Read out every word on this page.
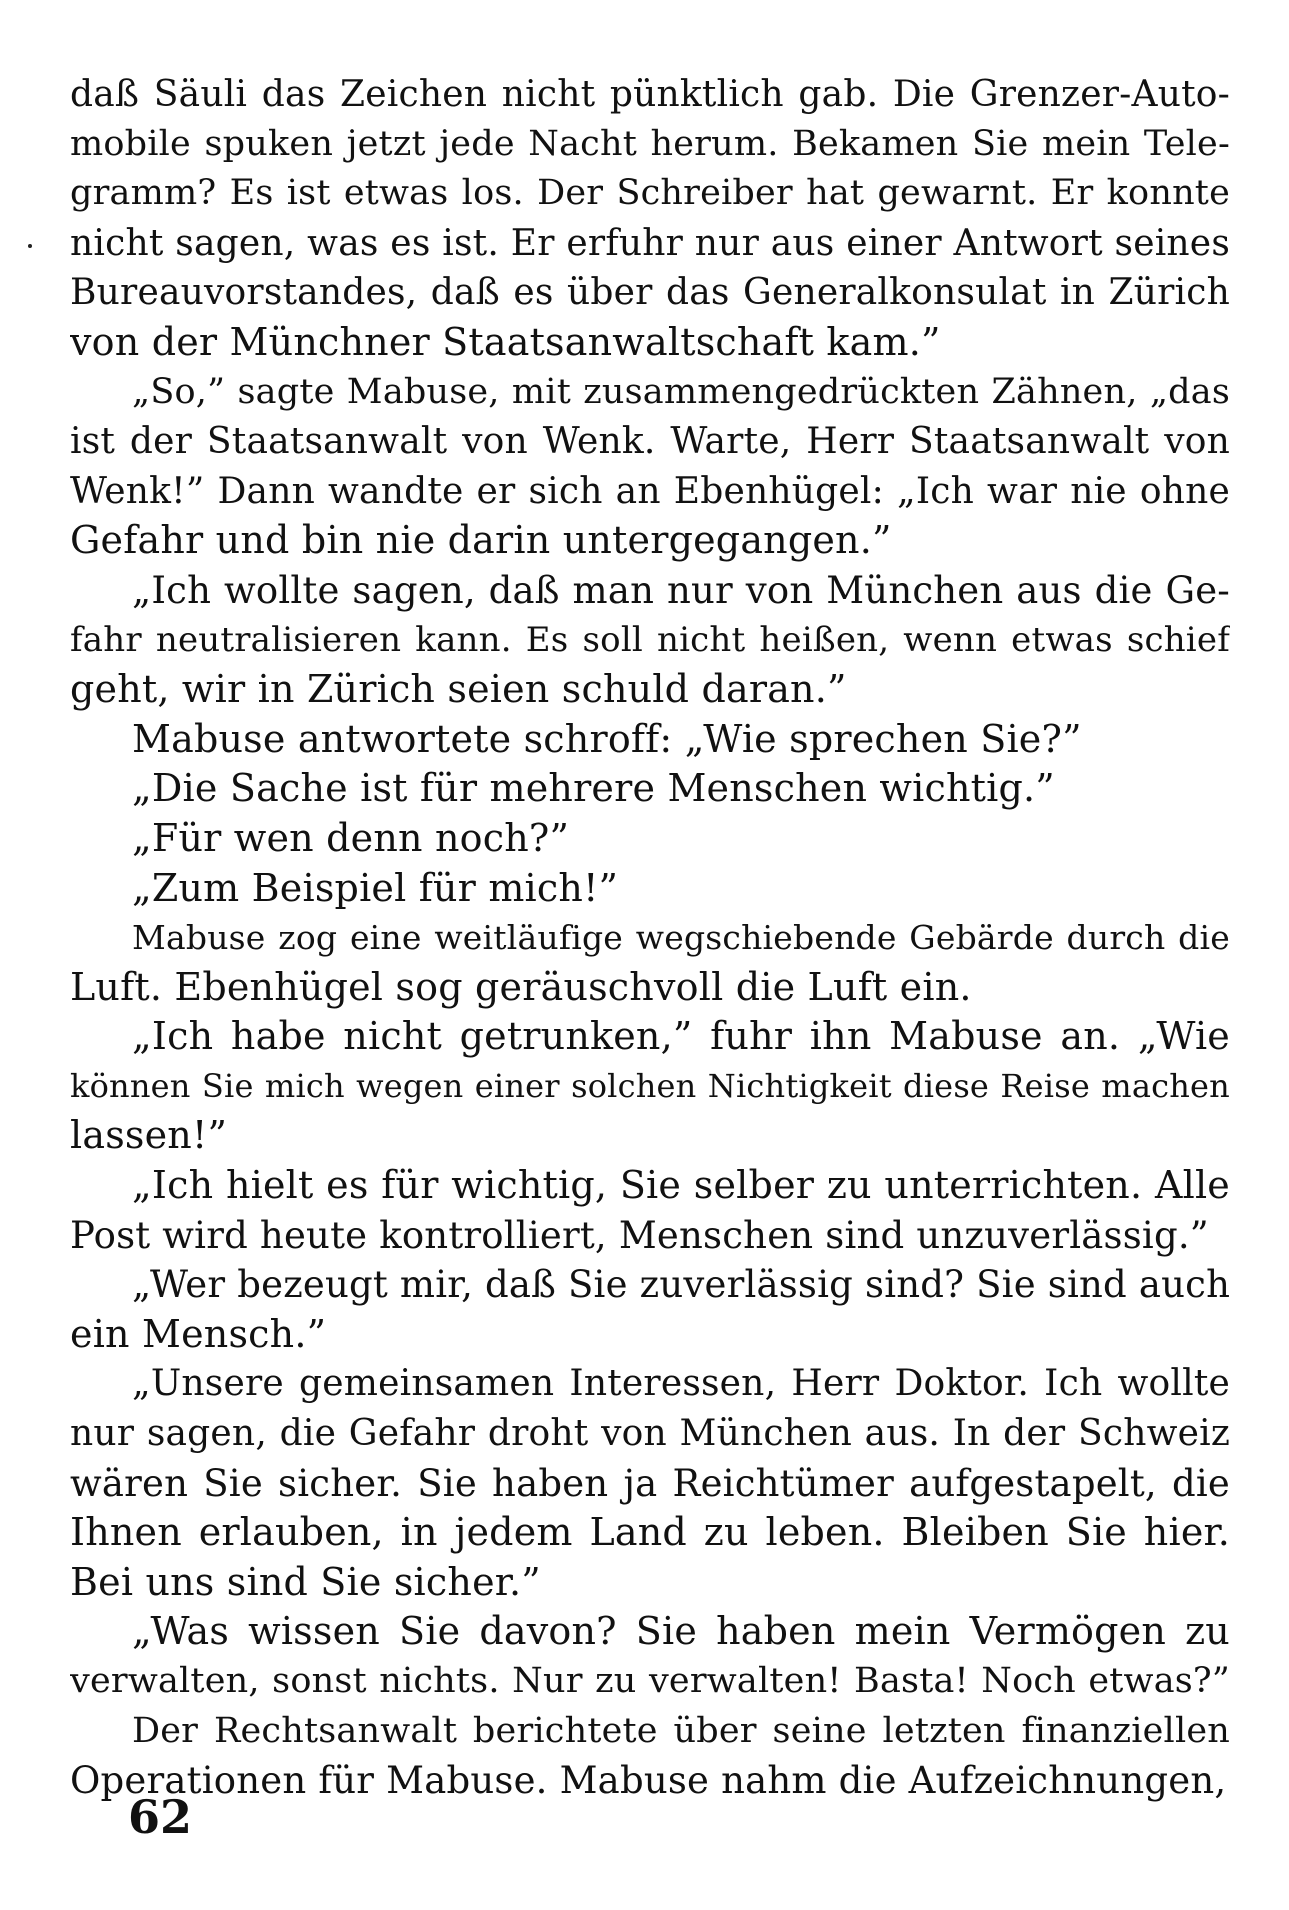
daß Säuli das Zeichen nicht pünktlich gab. Die Grenzer-Auto-
mobile spuken jetzt jede Nacht herum. Bekamen Sie mein Tele-
gramm? Es ist etwas los. Der Schreiber hat gewarnt. Er konnte
nicht sagen, was es ist. Er erfuhr nur aus einer Antwort seines
Bureauvorstandes, daß es über das Generalkonsulat in Zürich
von der Münchner Staatsanwaltschaft kam.”
„So,” sagte Mabuse, mit zusammengedrückten Zähnen, „das
ist der Staatsanwalt von Wenk. Warte, Herr Staatsanwalt von
Wenk!” Dann wandte er sich an Ebenhügel: „Ich war nie ohne
Gefahr und bin nie darin untergegangen.”
„Ich wollte sagen, daß man nur von München aus die Ge-
fahr neutralisieren kann. Es soll nicht heißen, wenn etwas schief
geht, wir in Zürich seien schuld daran.”
Mabuse antwortete schroff: „Wie sprechen Sie?”
„Die Sache ist für mehrere Menschen wichtig.”
„Für wen denn noch?”
„Zum Beispiel für mich!”
Mabuse zog eine weitläufige wegschiebende Gebärde durch die
Luft. Ebenhügel sog geräuschvoll die Luft ein.
„Ich habe nicht getrunken,” fuhr ihn Mabuse an. „Wie
können Sie mich wegen einer solchen Nichtigkeit diese Reise machen
lassen!”
„Ich hielt es für wichtig, Sie selber zu unterrichten. Alle
Post wird heute kontrolliert, Menschen sind unzuverlässig.”
„Wer bezeugt mir, daß Sie zuverlässig sind? Sie sind auch
ein Mensch.”
„Unsere gemeinsamen Interessen, Herr Doktor. Ich wollte
nur sagen, die Gefahr droht von München aus. In der Schweiz
wären Sie sicher. Sie haben ja Reichtümer aufgestapelt, die
Ihnen erlauben, in jedem Land zu leben. Bleiben Sie hier.
Bei uns sind Sie sicher.”
„Was wissen Sie davon? Sie haben mein Vermögen zu
verwalten, sonst nichts. Nur zu verwalten! Basta! Noch etwas?”
Der Rechtsanwalt berichtete über seine letzten finanziellen
Operationen für Mabuse. Mabuse nahm die Aufzeichnungen,
62
